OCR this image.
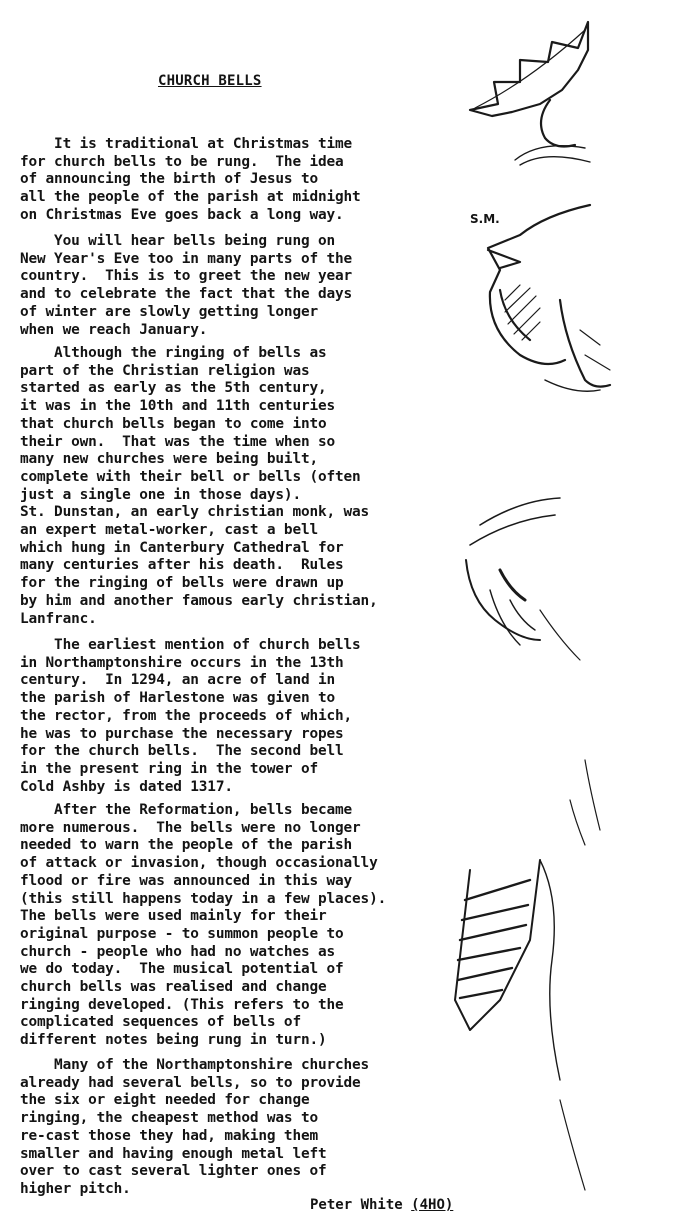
CHURCH BELLS
It is traditional at Christmas time
for church bells to be rung.  The idea
of announcing the birth of Jesus to
all the people of the parish at midnight
on Christmas Eve goes back a long way.
You will hear bells being rung on
New Year's Eve too in many parts of the
country.  This is to greet the new year
and to celebrate the fact that the days
of winter are slowly getting longer
when we reach January.
Although the ringing of bells as
part of the Christian religion was
started as early as the 5th century,
it was in the 10th and 11th centuries
that church bells began to come into
their own.  That was the time when so
many new churches were being built,
complete with their bell or bells (often
just a single one in those days).
St. Dunstan, an early christian monk, was
an expert metal-worker, cast a bell
which hung in Canterbury Cathedral for
many centuries after his death.  Rules
for the ringing of bells were drawn up
by him and another famous early christian,
Lanfranc.
The earliest mention of church bells
in Northamptonshire occurs in the 13th
century.  In 1294, an acre of land in
the parish of Harlestone was given to
the rector, from the proceeds of which,
he was to purchase the necessary ropes
for the church bells.  The second bell
in the present ring in the tower of
Cold Ashby is dated 1317.
After the Reformation, bells became
more numerous.  The bells were no longer
needed to warn the people of the parish
of attack or invasion, though occasionally
flood or fire was announced in this way
(this still happens today in a few places).
The bells were used mainly for their
original purpose - to summon people to
church - people who had no watches as
we do today.  The musical potential of
church bells was realised and change
ringing developed. (This refers to the
complicated sequences of bells of
different notes being rung in turn.)
Many of the Northamptonshire churches
already had several bells, so to provide
the six or eight needed for change
ringing, the cheapest method was to
re-cast those they had, making them
smaller and having enough metal left
over to cast several lighter ones of
higher pitch.
Peter White (4HO)
S.M.
